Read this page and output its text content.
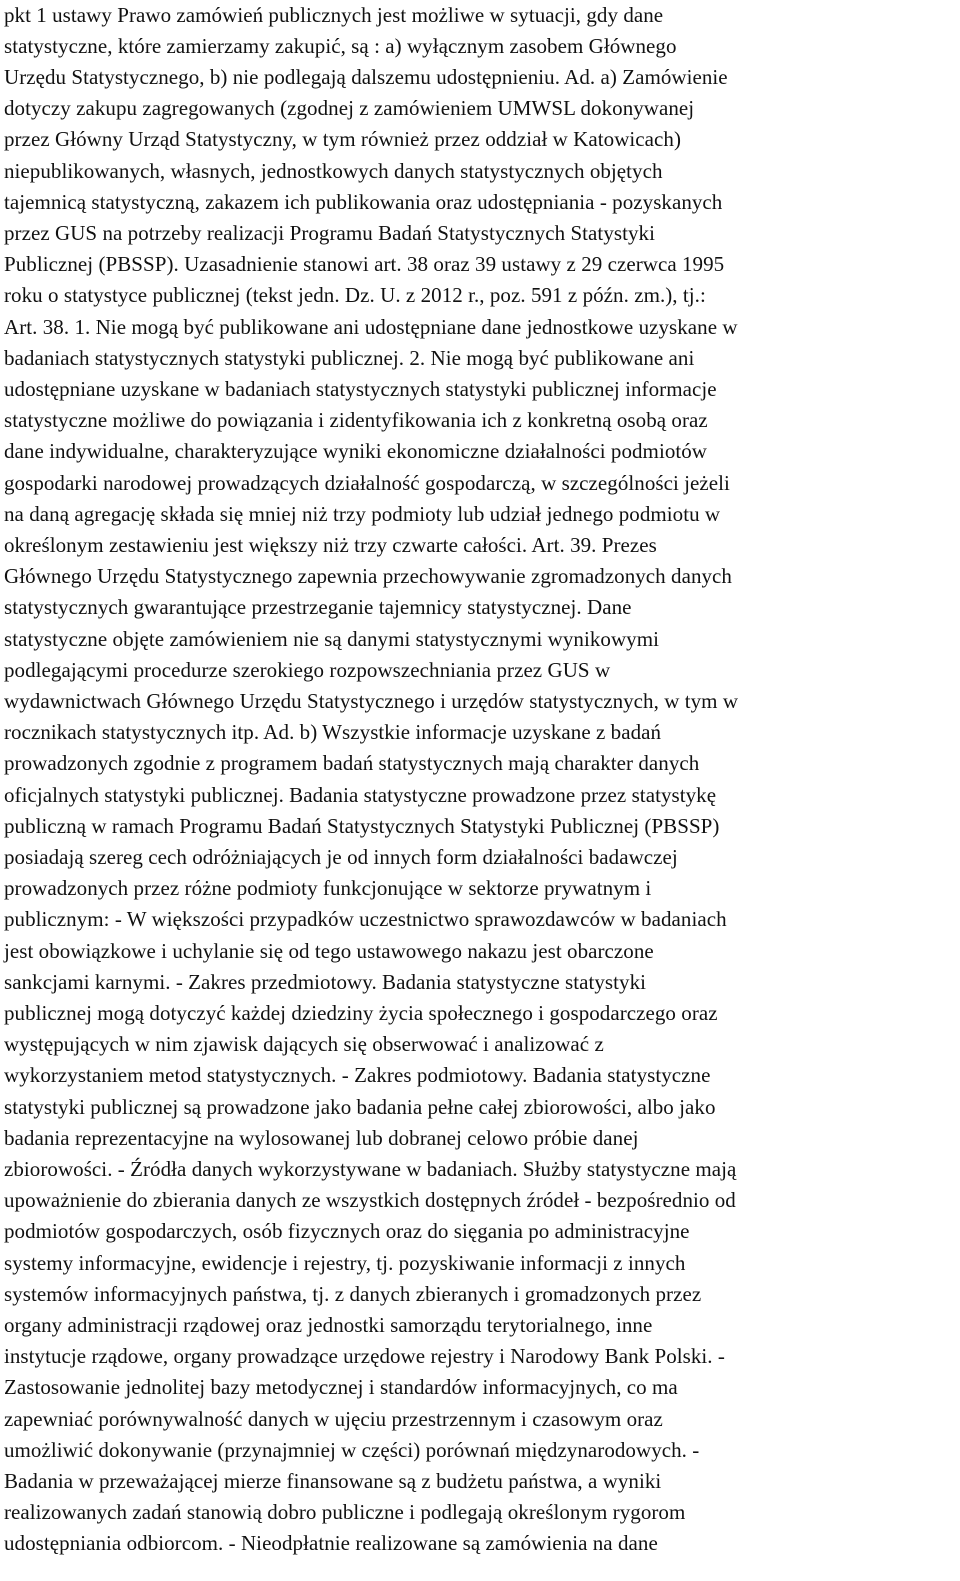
pkt 1 ustawy Prawo zamówień publicznych jest możliwe w sytuacji, gdy dane
statystyczne, które zamierzamy zakupić, są : a) wyłącznym zasobem Głównego
Urzędu Statystycznego, b) nie podlegają dalszemu udostępnieniu. Ad. a) Zamówienie
dotyczy zakupu zagregowanych (zgodnej z zamówieniem UMWSL dokonywanej
przez Główny Urząd Statystyczny, w tym również przez oddział w Katowicach)
niepublikowanych, własnych, jednostkowych danych statystycznych objętych
tajemnicą statystyczną, zakazem ich publikowania oraz udostępniania - pozyskanych
przez GUS na potrzeby realizacji Programu Badań Statystycznych Statystyki
Publicznej (PBSSP). Uzasadnienie stanowi art. 38 oraz 39 ustawy z 29 czerwca 1995
roku o statystyce publicznej (tekst jedn. Dz. U. z 2012 r., poz. 591 z późn. zm.), tj.:
Art. 38. 1. Nie mogą być publikowane ani udostępniane dane jednostkowe uzyskane w
badaniach statystycznych statystyki publicznej. 2. Nie mogą być publikowane ani
udostępniane uzyskane w badaniach statystycznych statystyki publicznej informacje
statystyczne możliwe do powiązania i zidentyfikowania ich z konkretną osobą oraz
dane indywidualne, charakteryzujące wyniki ekonomiczne działalności podmiotów
gospodarki narodowej prowadzących działalność gospodarczą, w szczególności jeżeli
na daną agregację składa się mniej niż trzy podmioty lub udział jednego podmiotu w
określonym zestawieniu jest większy niż trzy czwarte całości. Art. 39. Prezes
Głównego Urzędu Statystycznego zapewnia przechowywanie zgromadzonych danych
statystycznych gwarantujące przestrzeganie tajemnicy statystycznej. Dane
statystyczne objęte zamówieniem nie są danymi statystycznymi wynikowymi
podlegającymi procedurze szerokiego rozpowszechniania przez GUS w
wydawnictwach Głównego Urzędu Statystycznego i urzędów statystycznych, w tym w
rocznikach statystycznych itp. Ad. b) Wszystkie informacje uzyskane z badań
prowadzonych zgodnie z programem badań statystycznych mają charakter danych
oficjalnych statystyki publicznej. Badania statystyczne prowadzone przez statystykę
publiczną w ramach Programu Badań Statystycznych Statystyki Publicznej (PBSSP)
posiadają szereg cech odróżniających je od innych form działalności badawczej
prowadzonych przez różne podmioty funkcjonujące w sektorze prywatnym i
publicznym: - W większości przypadków uczestnictwo sprawozdawców w badaniach
jest obowiązkowe i uchylanie się od tego ustawowego nakazu jest obarczone
sankcjami karnymi. - Zakres przedmiotowy. Badania statystyczne statystyki
publicznej mogą dotyczyć każdej dziedziny życia społecznego i gospodarczego oraz
występujących w nim zjawisk dających się obserwować i analizować z
wykorzystaniem metod statystycznych. - Zakres podmiotowy. Badania statystyczne
statystyki publicznej są prowadzone jako badania pełne całej zbiorowości, albo jako
badania reprezentacyjne na wylosowanej lub dobranej celowo próbie danej
zbiorowości. - Źródła danych wykorzystywane w badaniach. Służby statystyczne mają
upoważnienie do zbierania danych ze wszystkich dostępnych źródeł - bezpośrednio od
podmiotów gospodarczych, osób fizycznych oraz do sięgania po administracyjne
systemy informacyjne, ewidencje i rejestry, tj. pozyskiwanie informacji z innych
systemów informacyjnych państwa, tj. z danych zbieranych i gromadzonych przez
organy administracji rządowej oraz jednostki samorządu terytorialnego, inne
instytucje rządowe, organy prowadzące urzędowe rejestry i Narodowy Bank Polski. -
Zastosowanie jednolitej bazy metodycznej i standardów informacyjnych, co ma
zapewniać porównywalność danych w ujęciu przestrzennym i czasowym oraz
umożliwić dokonywanie (przynajmniej w części) porównań międzynarodowych. -
Badania w przeważającej mierze finansowane są z budżetu państwa, a wyniki
realizowanych zadań stanowią dobro publiczne i podlegają określonym rygorom
udostępniania odbiorcom. - Nieodpłatnie realizowane są zamówienia na dane
